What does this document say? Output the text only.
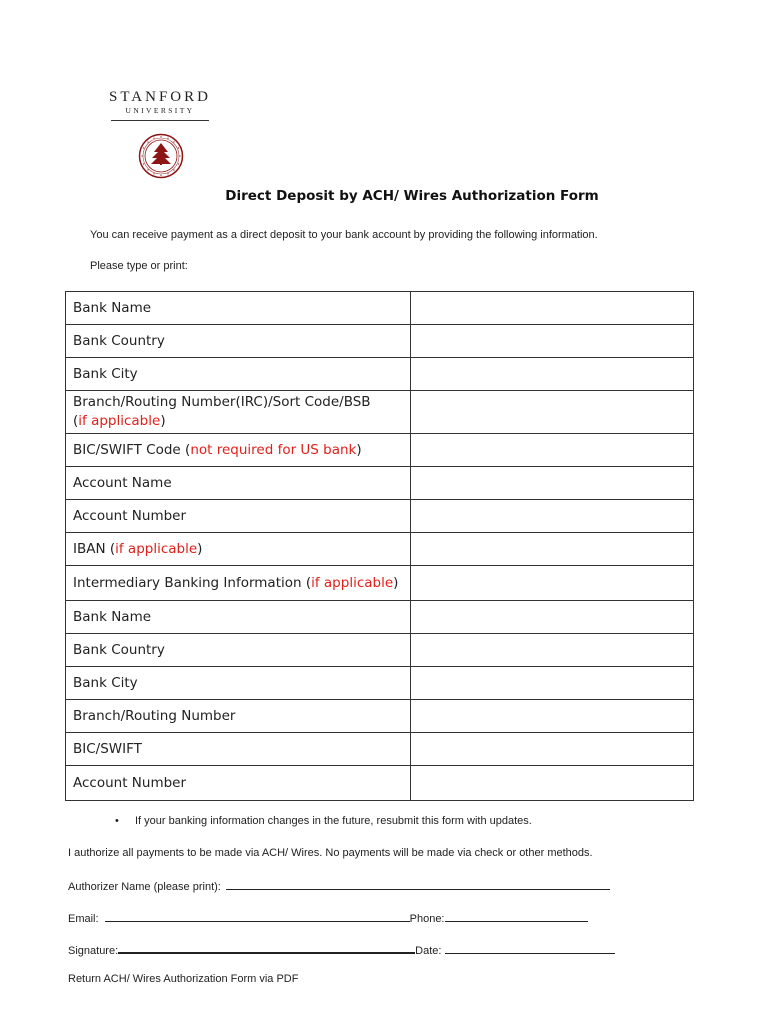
STANFORD
UNIVERSITY
Direct Deposit by ACH/ Wires Authorization Form
You can receive payment as a direct deposit to your bank account by providing the following information.
Please type or print:
Bank Name	
Bank Country	
Bank City	
Branch/Routing Number(IRC)/Sort Code/BSB
(if applicable)	
BIC/SWIFT Code (not required for US bank)	
Account Name	
Account Number	
IBAN (if applicable)	
Intermediary Banking Information (if applicable)	
Bank Name	
Bank Country	
Bank City	
Branch/Routing Number	
BIC/SWIFT	
Account Number	
• If your banking information changes in the future, resubmit this form with updates.
I authorize all payments to be made via ACH/ Wires. No payments will be made via check or other methods.
Authorizer Name (please print):
Email:	Phone:
Signature:	Date:
Return ACH/ Wires Authorization Form via PDF
